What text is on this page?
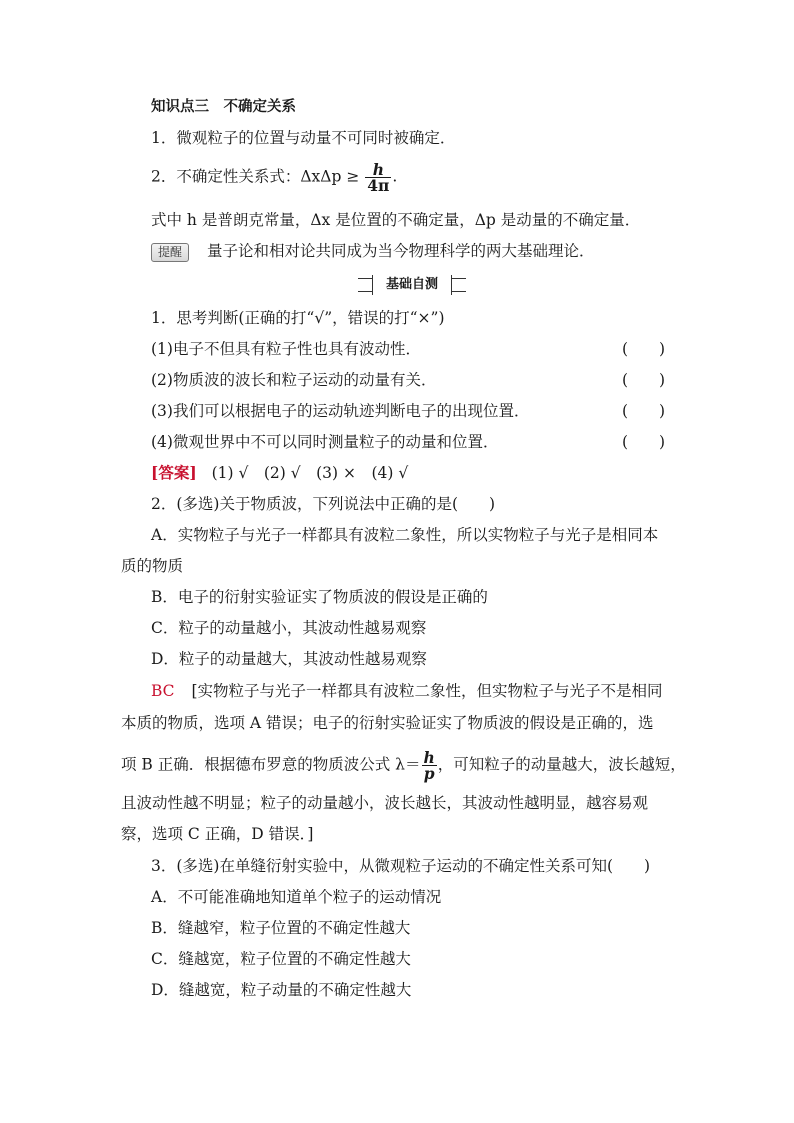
知识点三　不确定关系
1．微观粒子的位置与动量不可同时被确定．
2．不确定性关系式：$\Delta x\Delta p \ge \frac{h}{4\pi}$ .
式中 h 是普朗克常量，Δx 是位置的不确定量，Δp 是动量的不确定量．
提醒 量子论和相对论共同成为当今物理科学的两大基础理论．
基础自测
1．思考判断(正确的打“√”，错误的打“×”)
(1)电子不但具有粒子性也具有波动性．	(　　)
(2)物质波的波长和粒子运动的动量有关．	(　　)
(3)我们可以根据电子的运动轨迹判断电子的出现位置．	(　　)
(4)微观世界中不可以同时测量粒子的动量和位置．	(　　)
[答案] (1) √　(2) √　(3) ×　(4) √
2．(多选)关于物质波，下列说法中正确的是(　　)
A．实物粒子与光子一样都具有波粒二象性，所以实物粒子与光子是相同本
质的物质
B．电子的衍射实验证实了物质波的假设是正确的
C．粒子的动量越小，其波动性越易观察
D．粒子的动量越大，其波动性越易观察
BC [实物粒子与光子一样都具有波粒二象性，但实物粒子与光子不是相同
本质的物质，选项 A 错误；电子的衍射实验证实了物质波的假设是正确的，选
项 B 正确．根据德布罗意的物质波公式 $\lambda= \frac{h}{p}$ ，可知粒子的动量越大，波长越短，
且波动性越不明显；粒子的动量越小，波长越长，其波动性越明显，越容易观
察，选项 C 正确，D 错误．]
3．(多选)在单缝衍射实验中，从微观粒子运动的不确定性关系可知(　　)
A．不可能准确地知道单个粒子的运动情况
B．缝越窄，粒子位置的不确定性越大
C．缝越宽，粒子位置的不确定性越大
D．缝越宽，粒子动量的不确定性越大
